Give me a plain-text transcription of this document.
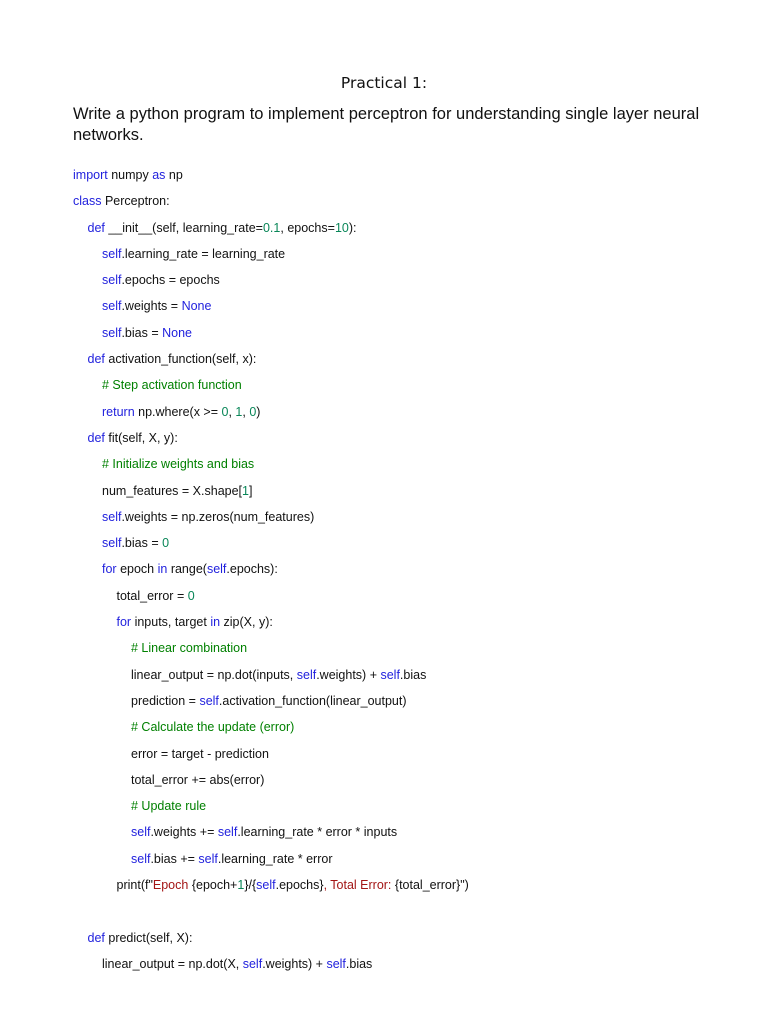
Practical 1:
Write a python program to implement perceptron for understanding single layer neural networks.
import numpy as np
class Perceptron:
def __init__(self, learning_rate=0.1, epochs=10):
self.learning_rate = learning_rate
self.epochs = epochs
self.weights = None
self.bias = None
def activation_function(self, x):
# Step activation function
return np.where(x >= 0, 1, 0)
def fit(self, X, y):
# Initialize weights and bias
num_features = X.shape[1]
self.weights = np.zeros(num_features)
self.bias = 0
for epoch in range(self.epochs):
total_error = 0
for inputs, target in zip(X, y):
# Linear combination
linear_output = np.dot(inputs, self.weights) + self.bias
prediction = self.activation_function(linear_output)
# Calculate the update (error)
error = target - prediction
total_error += abs(error)
# Update rule
self.weights += self.learning_rate * error * inputs
self.bias += self.learning_rate * error
print(f"Epoch {epoch+1}/{self.epochs}, Total Error: {total_error}")
def predict(self, X):
linear_output = np.dot(X, self.weights) + self.bias
